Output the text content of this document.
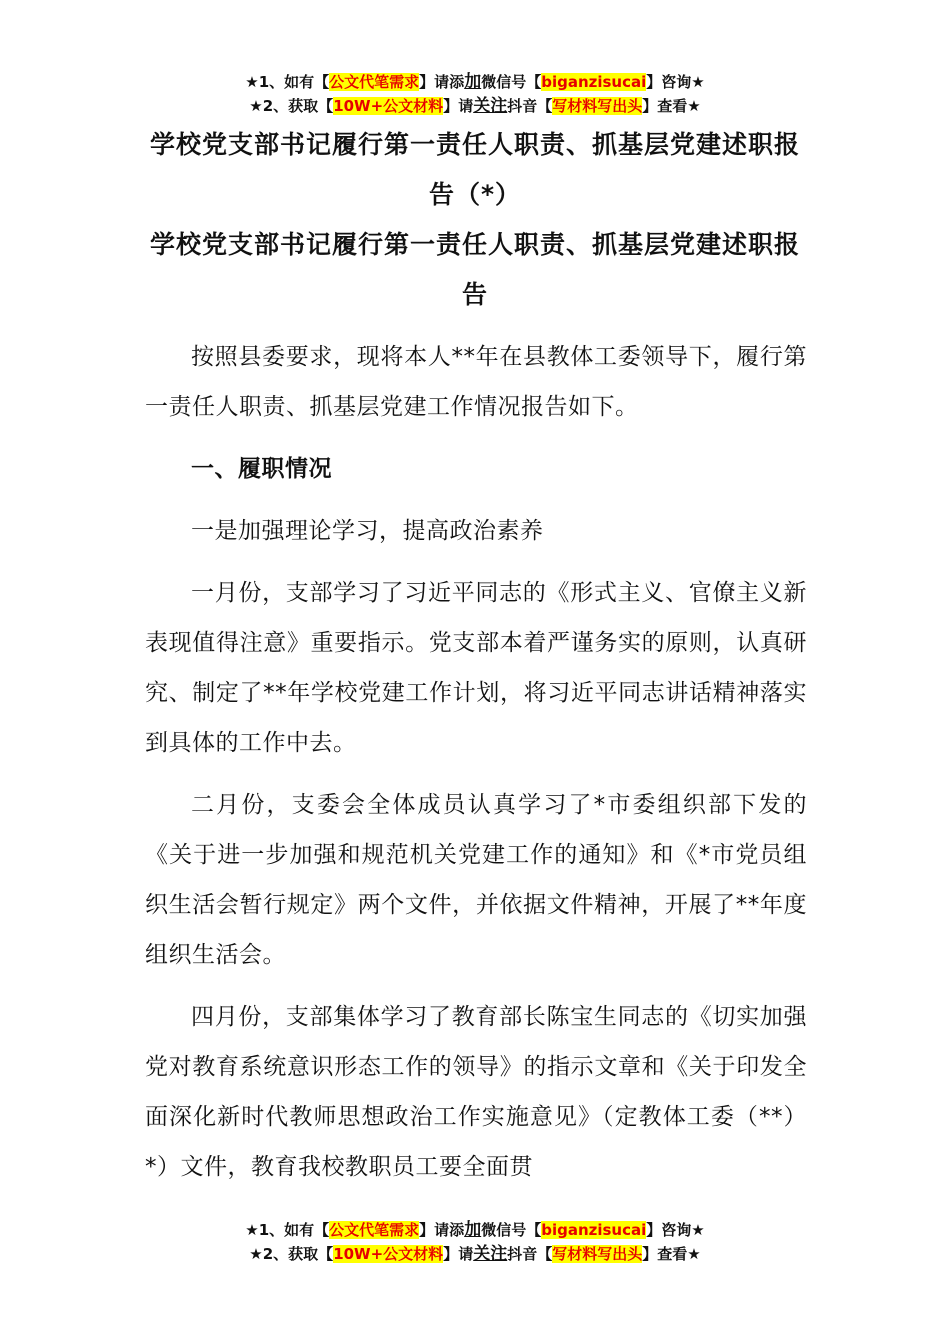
★1、如有【公文代笔需求】请添加微信号【biganzisucai】咨询★
★2、获取【10W+公文材料】请关注抖音【写材料写出头】查看★
学校党支部书记履行第一责任人职责、抓基层党建述职报告（*）
学校党支部书记履行第一责任人职责、抓基层党建述职报告

按照县委要求，现将本人**年在县教体工委领导下，履行第一责任人职责、抓基层党建工作情况报告如下。

一、履职情况

一是加强理论学习，提高政治素养

一月份，支部学习了习近平同志的《形式主义、官僚主义新表现值得注意》重要指示。党支部本着严谨务实的原则，认真研究、制定了**年学校党建工作计划，将习近平同志讲话精神落实到具体的工作中去。

二月份，支委会全体成员认真学习了*市委组织部下发的《关于进一步加强和规范机关党建工作的通知》和《*市党员组织生活会暂行规定》两个文件，并依据文件精神，开展了**年度组织生活会。

四月份，支部集体学习了教育部长陈宝生同志的《切实加强党对教育系统意识形态工作的领导》的指示文章和《关于印发全面深化新时代教师思想政治工作实施意见》（定教体工委（**）*）文件，教育我校教职员工要全面贯

★1、如有【公文代笔需求】请添加微信号【biganzisucai】咨询★
★2、获取【10W+公文材料】请关注抖音【写材料写出头】查看★
